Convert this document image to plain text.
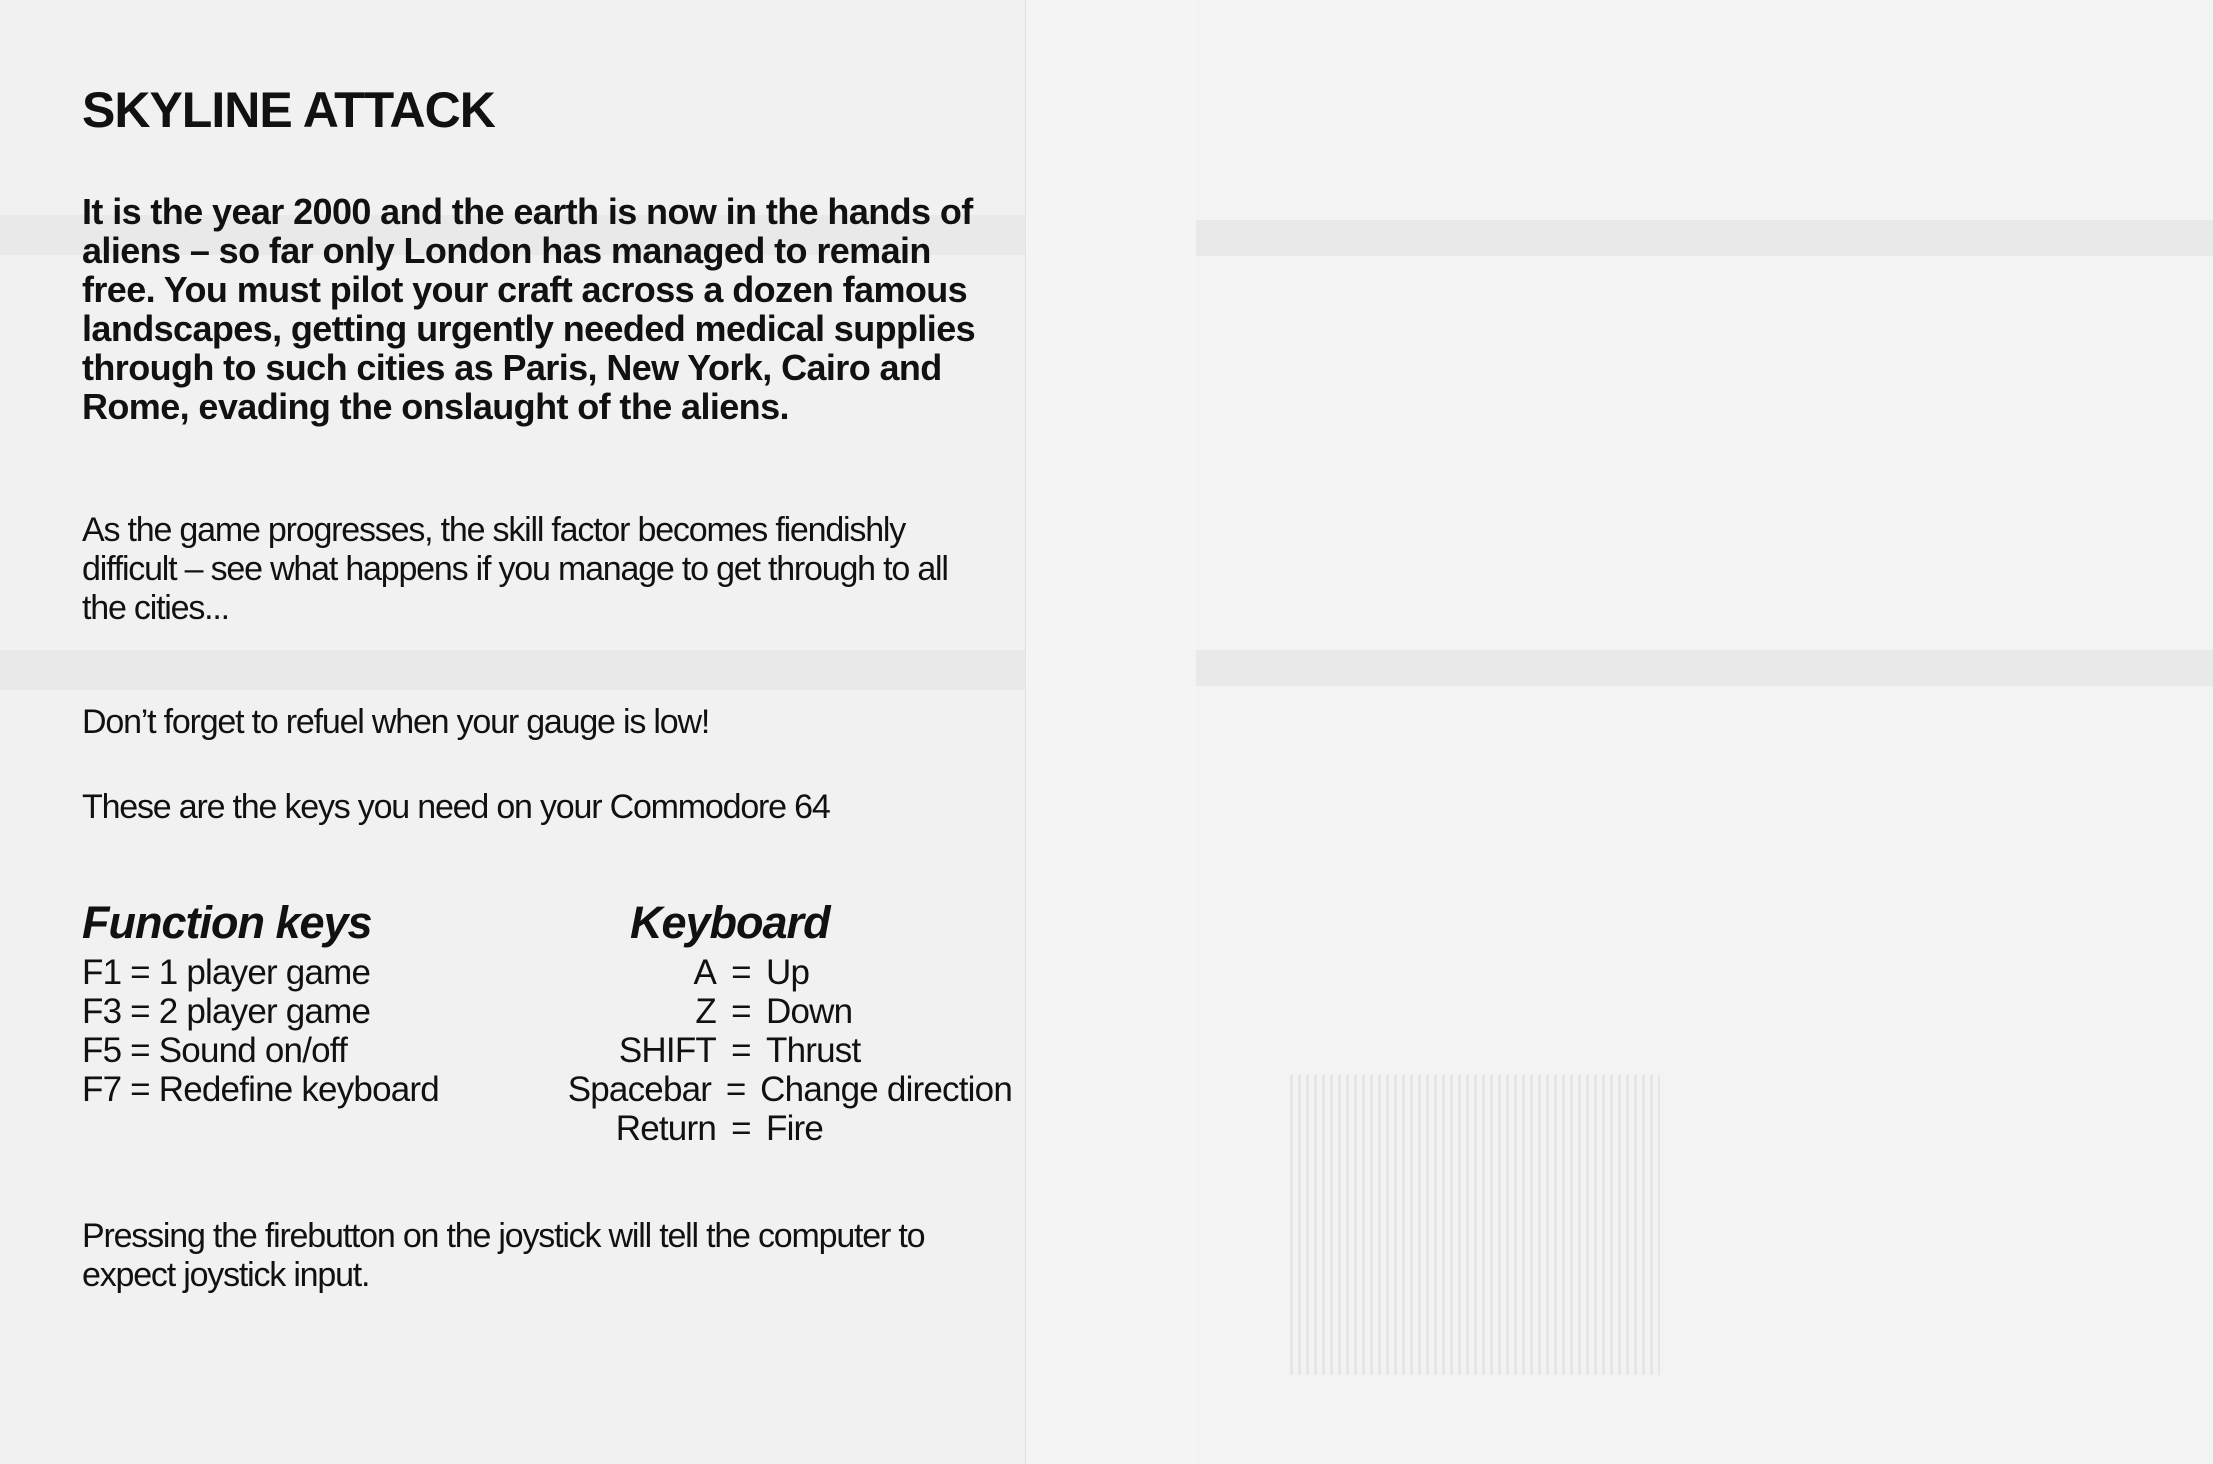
SKYLINE ATTACK

It is the year 2000 and the earth is now in the hands of aliens – so far only London has managed to remain free. You must pilot your craft across a dozen famous landscapes, getting urgently needed medical supplies through to such cities as Paris, New York, Cairo and Rome, evading the onslaught of the aliens.

As the game progresses, the skill factor becomes fiendishly difficult – see what happens if you manage to get through to all the cities...

Don’t forget to refuel when your gauge is low!

These are the keys you need on your Commodore 64

Function keys
F1 = 1 player game
F3 = 2 player game
F5 = Sound on/off
F7 = Redefine keyboard
Keyboard
A = Up
Z = Down
SHIFT = Thrust
Spacebar = Change direction
Return = Fire

Pressing the firebutton on the joystick will tell the computer to expect joystick input.
